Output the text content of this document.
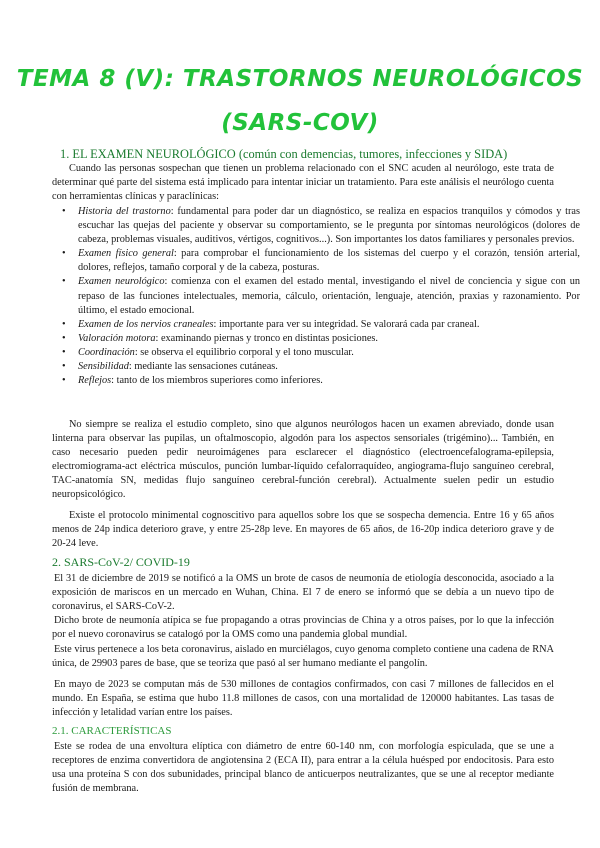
TEMA 8 (V): TRASTORNOS NEUROLÓGICOS
(SARS-COV)
1. EL EXAMEN NEUROLÓGICO (común con demencias, tumores, infecciones y SIDA)
Cuando las personas sospechan que tienen un problema relacionado con el SNC acuden al neurólogo, este trata de determinar qué parte del sistema está implicado para intentar iniciar un tratamiento. Para este análisis el neurólogo cuenta con herramientas clínicas y paraclínicas:
• Historia del trastorno: fundamental para poder dar un diagnóstico, se realiza en espacios tranquilos y cómodos y tras escuchar las quejas del paciente y observar su comportamiento, se le pregunta por síntomas neurológicos (dolores de cabeza, problemas visuales, auditivos, vértigos, cognitivos...). Son importantes los datos familiares y personales previos.
• Examen físico general: para comprobar el funcionamiento de los sistemas del cuerpo y el corazón, tensión arterial, dolores, reflejos, tamaño corporal y de la cabeza, posturas.
• Examen neurológico: comienza con el examen del estado mental, investigando el nivel de conciencia y sigue con un repaso de las funciones intelectuales, memoria, cálculo, orientación, lenguaje, atención, praxias y razonamiento. Por último, el estado emocional.
• Examen de los nervios craneales: importante para ver su integridad. Se valorará cada par craneal.
• Valoración motora: examinando piernas y tronco en distintas posiciones.
• Coordinación: se observa el equilibrio corporal y el tono muscular.
• Sensibilidad: mediante las sensaciones cutáneas.
• Reflejos: tanto de los miembros superiores como inferiores.
No siempre se realiza el estudio completo, sino que algunos neurólogos hacen un examen abreviado, donde usan linterna para observar las pupilas, un oftalmoscopio, algodón para los aspectos sensoriales (trigémino)... También, en caso necesario pueden pedir neuroimágenes para esclarecer el diagnóstico (electroencefalograma-epilepsia, electromiograma-act eléctrica músculos, punción lumbar-líquido cefalorraquídeo, angiograma-flujo sanguíneo cerebral, TAC-anatomía SN, medidas flujo sanguíneo cerebral-función cerebral). Actualmente suelen pedir un estudio neuropsicológico.
Existe el protocolo minimental cognoscitivo para aquellos sobre los que se sospecha demencia. Entre 16 y 65 años menos de 24p indica deterioro grave, y entre 25-28p leve. En mayores de 65 años, de 16-20p indica deterioro grave y de 20-24 leve.
2. SARS-CoV-2/ COVID-19
El 31 de diciembre de 2019 se notificó a la OMS un brote de casos de neumonía de etiología desconocida, asociado a la exposición de mariscos en un mercado en Wuhan, China. El 7 de enero se informó que se debía a un nuevo tipo de coronavirus, el SARS-CoV-2.
Dicho brote de neumonía atípica se fue propagando a otras provincias de China y a otros países, por lo que la infección por el nuevo coronavirus se catalogó por la OMS como una pandemia global mundial.
Este virus pertenece a los beta coronavirus, aislado en murciélagos, cuyo genoma completo contiene una cadena de RNA única, de 29903 pares de base, que se teoriza que pasó al ser humano mediante el pangolín.
En mayo de 2023 se computan más de 530 millones de contagios confirmados, con casi 7 millones de fallecidos en el mundo. En España, se estima que hubo 11.8 millones de casos, con una mortalidad de 120000 habitantes. Las tasas de infección y letalidad varían entre los países.
2.1. CARACTERÍSTICAS
Este se rodea de una envoltura elíptica con diámetro de entre 60-140 nm, con morfología espiculada, que se une a receptores de enzima convertidora de angiotensina 2 (ECA II), para entrar a la célula huésped por endocitosis. Para esto usa una proteína S con dos subunidades, principal blanco de anticuerpos neutralizantes, que se une al receptor mediante fusión de membrana.
